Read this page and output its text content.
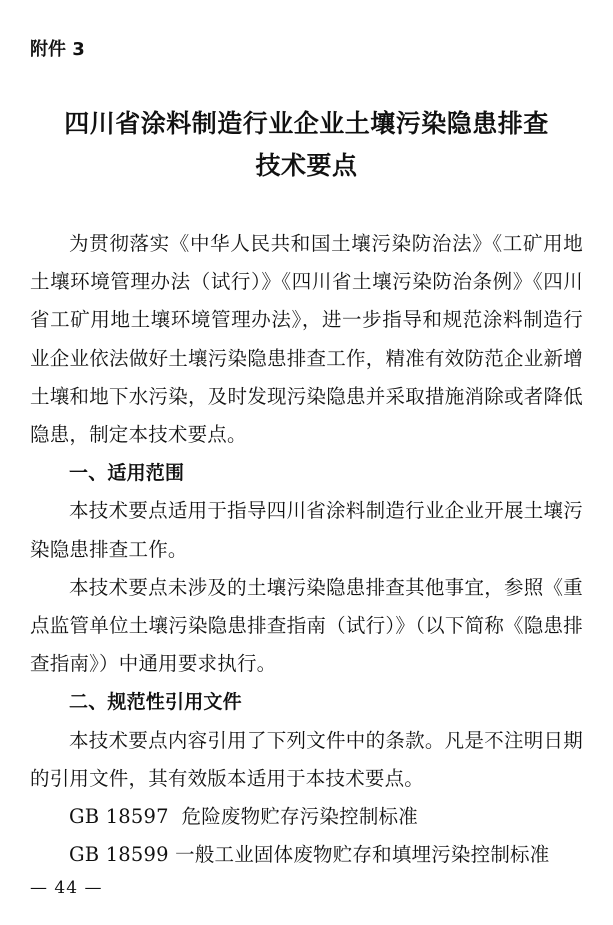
附件 3
四川省涂料制造行业企业土壤污染隐患排查
技术要点

为贯彻落实《中华人民共和国土壤污染防治法》《工矿用地土壤环境管理办法（试行）》《四川省土壤污染防治条例》《四川省工矿用地土壤环境管理办法》，进一步指导和规范涂料制造行业企业依法做好土壤污染隐患排查工作，精准有效防范企业新增土壤和地下水污染，及时发现污染隐患并采取措施消除或者降低隐患，制定本技术要点。

一、适用范围

本技术要点适用于指导四川省涂料制造行业企业开展土壤污染隐患排查工作。

本技术要点未涉及的土壤污染隐患排查其他事宜，参照《重点监管单位土壤污染隐患排查指南（试行）》（以下简称《隐患排查指南》）中通用要求执行。

二、规范性引用文件

本技术要点内容引用了下列文件中的条款。凡是不注明日期的引用文件，其有效版本适用于本技术要点。

GB 18597  危险废物贮存污染控制标准

GB 18599 一般工业固体废物贮存和填埋污染控制标准

— 44 —
